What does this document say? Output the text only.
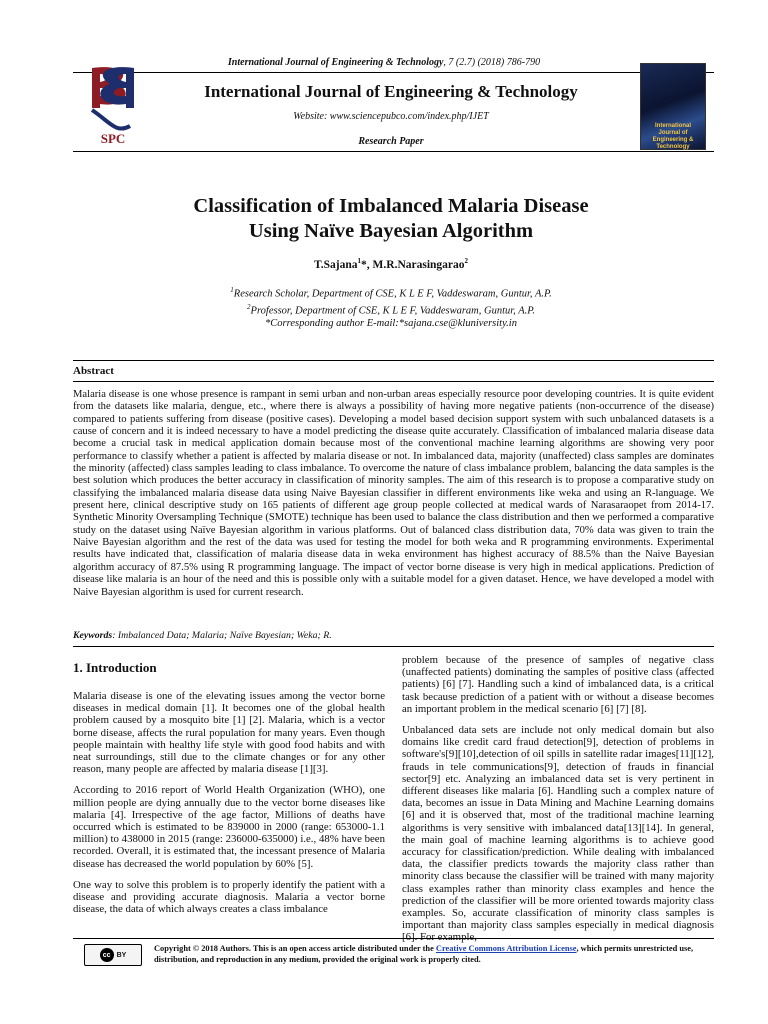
International Journal of Engineering & Technology, 7 (2.7) (2018) 786-790
SPC
International Journal of Engineering & Technology
Website: www.sciencepubco.com/index.php/IJET
Research Paper
International Journal of Engineering & Technology
Classification of Imbalanced Malaria Disease
Using Naïve Bayesian Algorithm
T.Sajana$^1$*, M.R.Narasingarao$^2$
$^1$Research Scholar, Department of CSE, K L E F, Vaddeswaram, Guntur, A.P.
$^2$Professor, Department of CSE, K L E F, Vaddeswaram, Guntur, A.P.
*Corresponding author E-mail:*sajana.cse@kluniversity.in
Abstract
Malaria disease is one whose presence is rampant in semi urban and non-urban areas especially resource poor developing countries. It is quite evident from the datasets like malaria, dengue, etc., where there is always a possibility of having more negative patients (non-occurrence of the disease) compared to patients suffering from disease (positive cases). Developing a model based decision support system with such unbalanced datasets is a cause of concern and it is indeed necessary to have a model predicting the disease quite accurately. Classification of imbalanced malaria disease data become a crucial task in medical application domain because most of the conventional machine learning algorithms are showing very poor performance to classify whether a patient is affected by malaria disease or not. In imbalanced data, majority (unaffected) class samples are dominates the minority (affected) class samples leading to class imbalance. To overcome the nature of class imbalance problem, balancing the data samples is the best solution which produces the better accuracy in classification of minority samples. The aim of this research is to propose a comparative study on classifying the imbalanced malaria disease data using Naive Bayesian classifier in different environments like weka and using an R-language. We present here, clinical descriptive study on 165 patients of different age group people collected at medical wards of Narasaraopet from 2014-17. Synthetic Minority Oversampling Technique (SMOTE) technique has been used to balance the class distribution and then we performed a comparative study on the dataset using Naïve Bayesian algorithm in various platforms. Out of balanced class distribution data, 70% data was given to train the Naive Bayesian algorithm and the rest of the data was used for testing the model for both weka and R programming environments. Experimental results have indicated that, classification of malaria disease data in weka environment has highest accuracy of 88.5% than the Naive Bayesian algorithm accuracy of 87.5% using R programming language. The impact of vector borne disease is very high in medical applications. Prediction of disease like malaria is an hour of the need and this is possible only with a suitable model for a given dataset. Hence, we have developed a model with Naive Bayesian algorithm is used for current research.
Keywords: Imbalanced Data; Malaria; Naïve Bayesian; Weka; R.
1. Introduction

Malaria disease is one of the elevating issues among the vector borne diseases in medical domain [1]. It becomes one of the global health problem caused by a mosquito bite [1] [2]. Malaria, which is a vector borne disease, affects the rural population for many years. Even though people maintain with healthy life style with good food habits and with neat surroundings, still due to the climate changes or for any other reason, many people are affected by malaria disease [1][3].

According to 2016 report of World Health Organization (WHO), one million people are dying annually due to the vector borne diseases like malaria [4]. Irrespective of the age factor, Millions of deaths have occurred which is estimated to be 839000 in 2000 (range: 653000-1.1 million) to 438000 in 2015 (range: 236000-635000) i.e., 48% have been recorded. Overall, it is estimated that, the incessant presence of Malaria disease has decreased the world population by 60% [5].

One way to solve this problem is to properly identify the patient with a disease and providing accurate diagnosis. Malaria a vector borne disease, the data of which always creates a class imbalance

problem because of the presence of samples of negative class (unaffected patients) dominating the samples of positive class (affected patients) [6] [7]. Handling such a kind of imbalanced data, is a critical task because prediction of a patient with or without a disease becomes an important problem in the medical scenario [6] [7] [8].

Unbalanced data sets are include not only medical domain but also domains like credit card fraud detection[9], detection of problems in software's[9][10],detection of oil spills in satellite radar images[11][12], frauds in tele communications[9], detection of frauds in financial sector[9] etc. Analyzing an imbalanced data set is very pertinent in different diseases like malaria [6]. Handling such a complex nature of data, becomes an issue in Data Mining and Machine Learning domains [6] and it is observed that, most of the traditional machine learning algorithms is very sensitive with imbalanced data[13][14]. In general, the main goal of machine learning algorithms is to achieve good accuracy for classification/prediction. While dealing with imbalanced data, the classifier predicts towards the majority class rather than minority class because the classifier will be trained with many majority class examples rather than minority class examples and hence the prediction of the classifier will be more oriented towards majority class examples. So, accurate classification of minority class samples is important than majority class samples especially in medical diagnosis

cc BY
Copyright © 2018 Authors. This is an open access article distributed under the Creative Commons Attribution License, which permits unrestricted use, distribution, and reproduction in any medium, provided the original work is properly cited.
